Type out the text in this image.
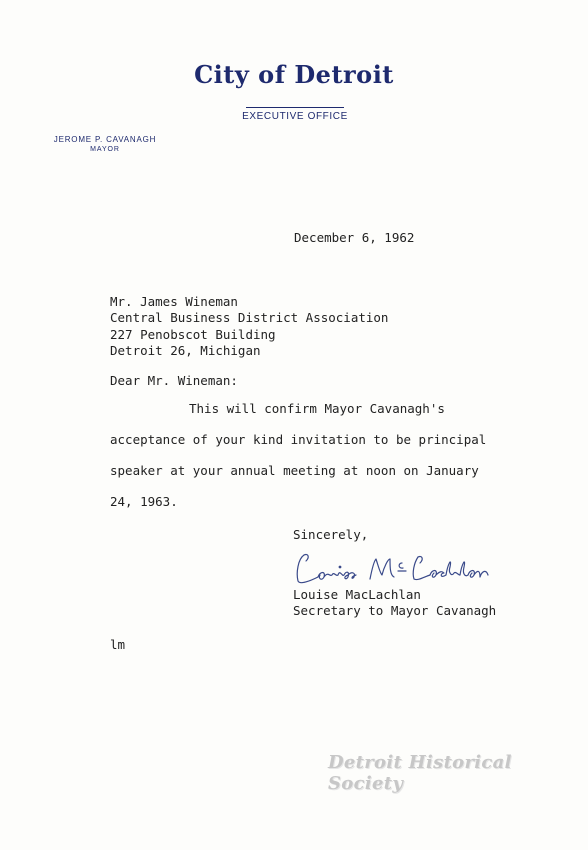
City of Detroit
EXECUTIVE OFFICE
JEROME P. CAVANAGH
MAYOR
December 6, 1962
Mr. James Wineman
Central Business District Association
227 Penobscot Building
Detroit 26, Michigan
Dear Mr. Wineman:
This will confirm Mayor Cavanagh's
acceptance of your kind invitation to be principal
speaker at your annual meeting at noon on January
24, 1963.
Sincerely,
Louise MacLachlan
Secretary to Mayor Cavanagh
lm
Detroit Historical Society
